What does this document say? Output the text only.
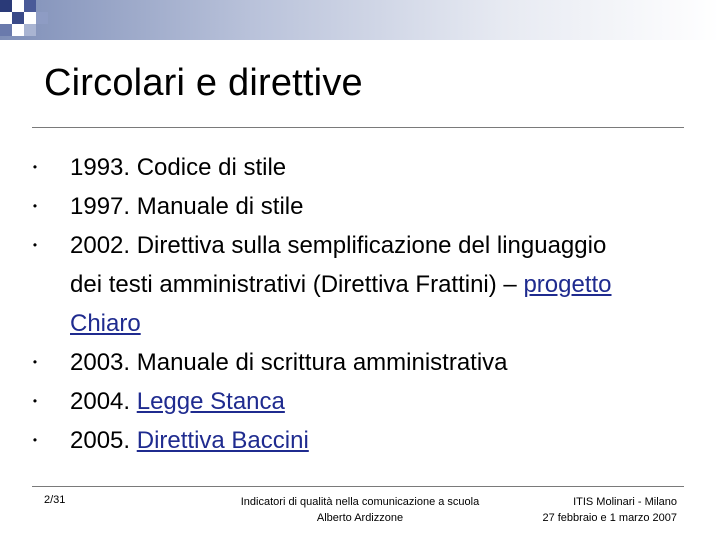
Circolari e direttive
• 1993. Codice di stile
• 1997. Manuale di stile
• 2002. Direttiva sulla semplificazione del linguaggio dei testi amministrativi (Direttiva Frattini) – progetto Chiaro
• 2003. Manuale di scrittura amministrativa
• 2004. Legge Stanca
• 2005. Direttiva Baccini
2/31	Indicatori di qualità nella comunicazione a scuola
Alberto Ardizzone
ITIS Molinari - Milano
27 febbraio e 1 marzo 2007
